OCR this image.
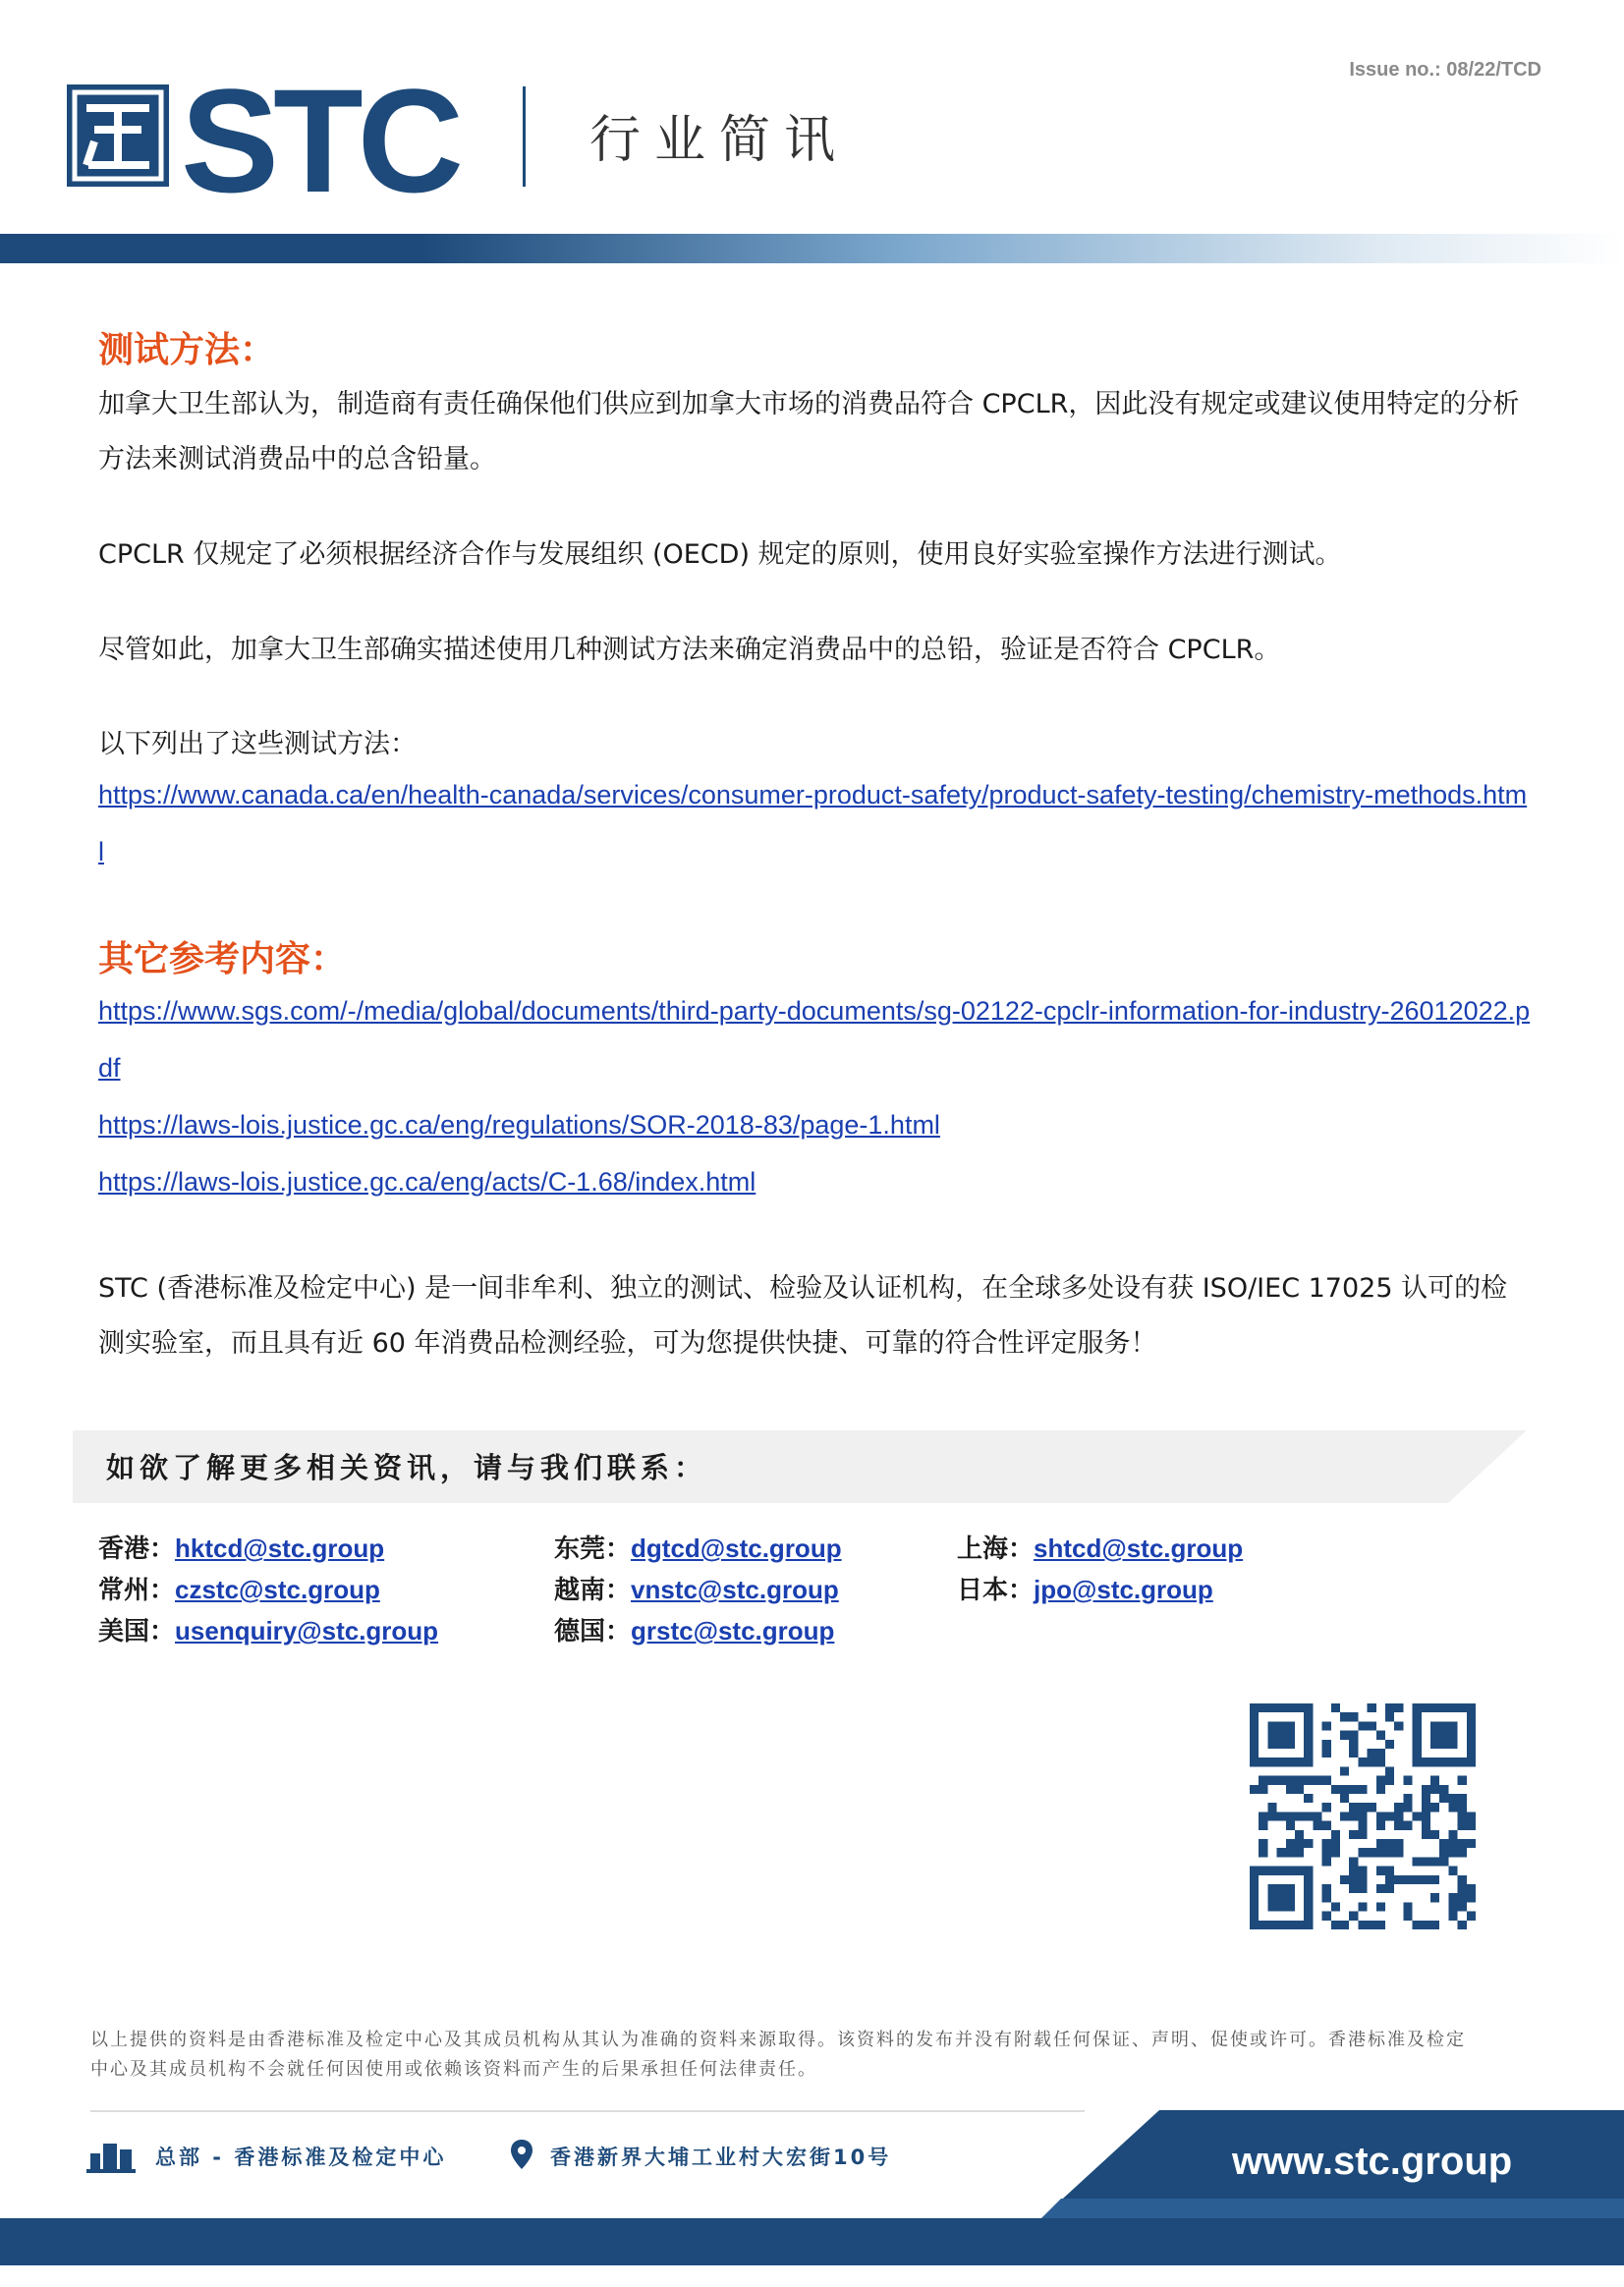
Issue no.: 08/22/TCD
STC	行业简讯
测试方法：
加拿大卫生部认为，制造商有责任确保他们供应到加拿大市场的消费品符合 CPCLR，因此没有规定或建议使用特定的分析方法来测试消费品中的总含铅量。
CPCLR 仅规定了必须根据经济合作与发展组织 (OECD) 规定的原则，使用良好实验室操作方法进行测试。
尽管如此，加拿大卫生部确实描述使用几种测试方法来确定消费品中的总铅，验证是否符合 CPCLR。
以下列出了这些测试方法：
https://www.canada.ca/en/health-canada/services/consumer-product-safety/product-safety-testing/chemistry-methods.html
其它参考内容：
https://www.sgs.com/-/media/global/documents/third-party-documents/sg-02122-cpclr-information-for-industry-26012022.pdf
https://laws-lois.justice.gc.ca/eng/regulations/SOR-2018-83/page-1.html
https://laws-lois.justice.gc.ca/eng/acts/C-1.68/index.html
STC (香港标准及检定中心) 是一间非牟利、独立的测试、检验及认证机构，在全球多处设有获 ISO/IEC 17025 认可的检测实验室，而且具有近 60 年消费品检测经验，可为您提供快捷、可靠的符合性评定服务！
如欲了解更多相关资讯，请与我们联系：
香港：hktcd@stc.group	东莞：dgtcd@stc.group	上海：shtcd@stc.group
常州：czstc@stc.group	越南：vnstc@stc.group	日本：jpo@stc.group
美国：usenquiry@stc.group	德国：grstc@stc.group
以上提供的资料是由香港标准及检定中心及其成员机构从其认为准确的资料来源取得。该资料的发布并没有附载任何保证、声明、促使或许可。香港标准及检定中心及其成员机构不会就任何因使用或依赖该资料而产生的后果承担任何法律责任。
总部 - 香港标准及检定中心	香港新界大埔工业村大宏街10号	www.stc.group
